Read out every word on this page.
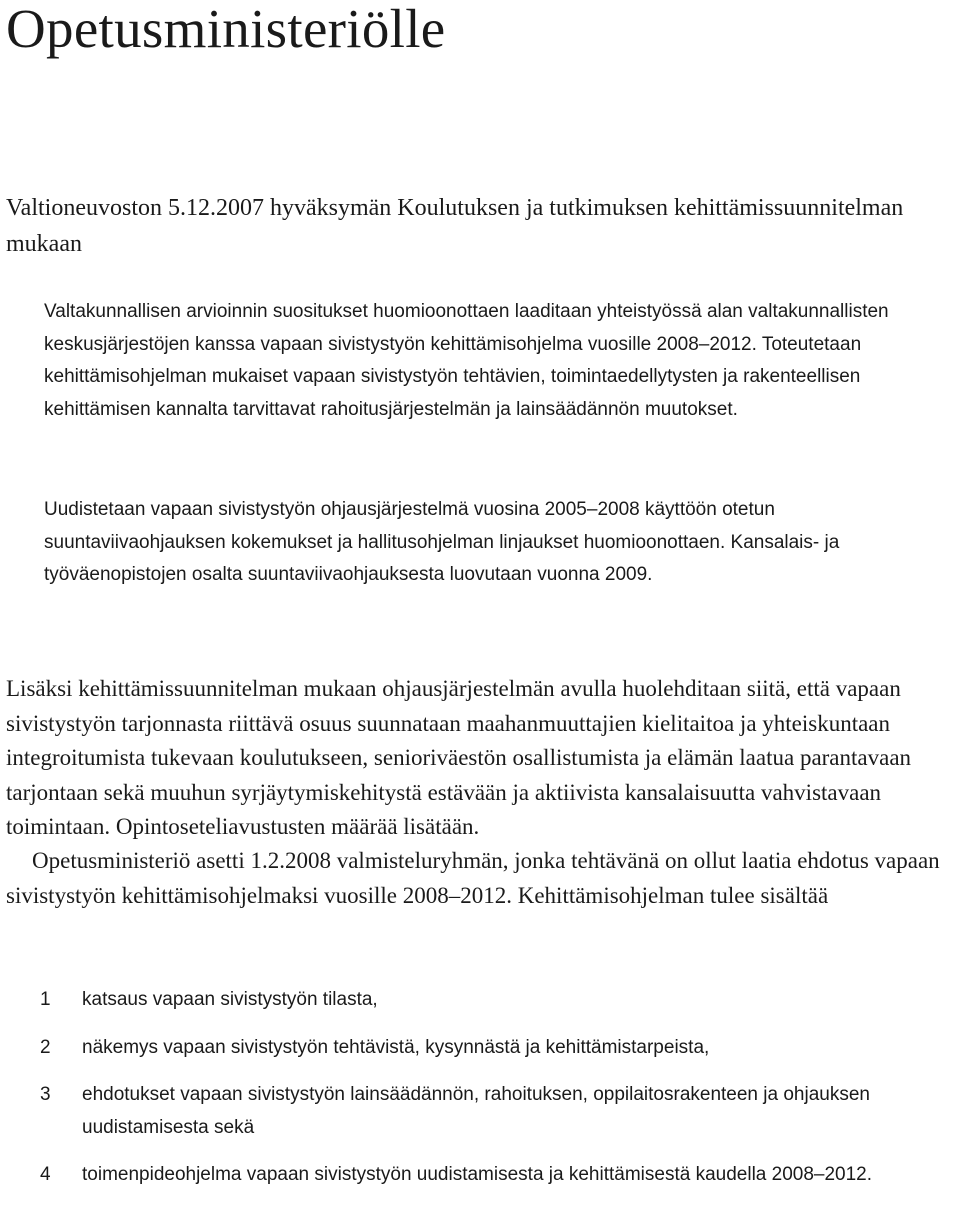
Opetusministeriölle

Valtioneuvoston 5.12.2007 hyväksymän Koulutuksen ja tutkimuksen kehittämissuunnitelman mukaan

Valtakunnallisen arvioinnin suositukset huomioonottaen laaditaan yhteistyössä alan valtakunnallisten keskusjärjestöjen kanssa vapaan sivistystyön kehittämisohjelma vuosille 2008–2012. Toteutetaan kehittämisohjelman mukaiset vapaan sivistystyön tehtävien, toimintaedellytysten ja rakenteellisen kehittämisen kannalta tarvittavat rahoitusjärjestelmän ja lainsäädännön muutokset.

Uudistetaan vapaan sivistystyön ohjausjärjestelmä vuosina 2005–2008 käyttöön otetun suuntaviivaohjauksen kokemukset ja hallitusohjelman linjaukset huomioonottaen. Kansalais- ja työväenopistojen osalta suuntaviivaohjauksesta luovutaan vuonna 2009.

Lisäksi kehittämissuunnitelman mukaan ohjausjärjestelmän avulla huolehditaan siitä, että vapaan sivistystyön tarjonnasta riittävä osuus suunnataan maahanmuuttajien kielitaitoa ja yhteiskuntaan integroitumista tukevaan koulutukseen, senioriväestön osallistumista ja elämän laatua parantavaan tarjontaan sekä muuhun syrjäytymiskehitystä estävään ja aktiivista kansalaisuutta vahvistavaan toimintaan. Opintoseteliavustusten määrää lisätään.

Opetusministeriö asetti 1.2.2008 valmisteluryhmän, jonka tehtävänä on ollut laatia ehdotus vapaan sivistystyön kehittämisohjelmaksi vuosille 2008–2012. Kehittämisohjelman tulee sisältää

1	katsaus vapaan sivistystyön tilasta,
2	näkemys vapaan sivistystyön tehtävistä, kysynnästä ja kehittämistarpeista,
3	ehdotukset vapaan sivistystyön lainsäädännön, rahoituksen, oppilaitosrakenteen ja ohjauksen uudistamisesta sekä
4	toimenpideohjelma vapaan sivistystyön uudistamisesta ja kehittämisestä kaudella 2008–2012.
